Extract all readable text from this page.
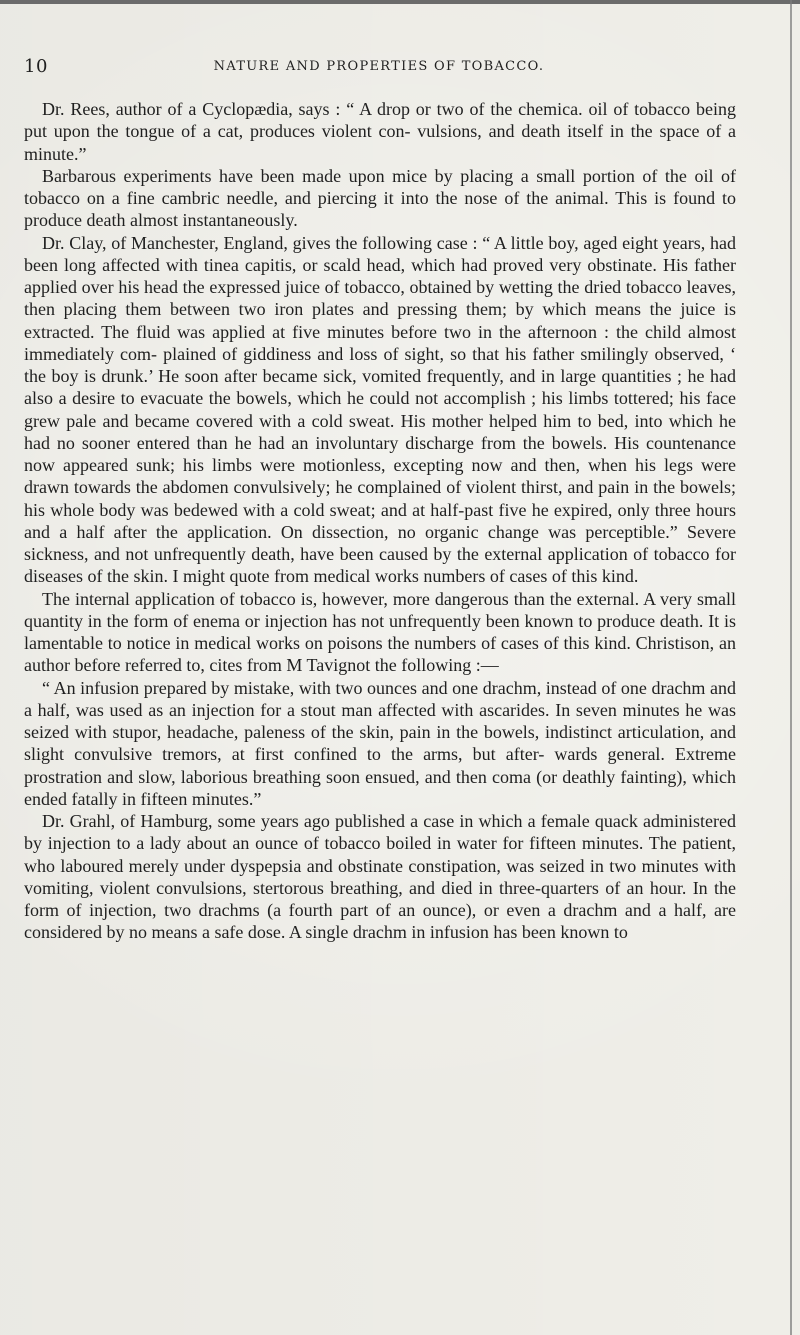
10	NATURE AND PROPERTIES OF TOBACCO.

Dr. Rees, author of a Cyclopædia, says : “ A drop or two of the chemica. oil of tobacco being put upon the tongue of a cat, produces violent con- vulsions, and death itself in the space of a minute.”

Barbarous experiments have been made upon mice by placing a small portion of the oil of tobacco on a fine cambric needle, and piercing it into the nose of the animal. This is found to produce death almost instantaneously.

Dr. Clay, of Manchester, England, gives the following case : “ A little boy, aged eight years, had been long affected with tinea capitis, or scald head, which had proved very obstinate. His father applied over his head the expressed juice of tobacco, obtained by wetting the dried tobacco leaves, then placing them between two iron plates and pressing them; by which means the juice is extracted. The fluid was applied at five minutes before two in the afternoon : the child almost immediately com- plained of giddiness and loss of sight, so that his father smilingly observed, ‘ the boy is drunk.’ He soon after became sick, vomited frequently, and in large quantities ; he had also a desire to evacuate the bowels, which he could not accomplish ; his limbs tottered; his face grew pale and became covered with a cold sweat. His mother helped him to bed, into which he had no sooner entered than he had an involuntary discharge from the bowels. His countenance now appeared sunk; his limbs were motionless, excepting now and then, when his legs were drawn towards the abdomen convulsively; he complained of violent thirst, and pain in the bowels; his whole body was bedewed with a cold sweat; and at half-past five he expired, only three hours and a half after the application. On dissection, no organic change was perceptible.” Severe sickness, and not unfrequently death, have been caused by the external application of tobacco for diseases of the skin. I might quote from medical works numbers of cases of this kind.

The internal application of tobacco is, however, more dangerous than the external. A very small quantity in the form of enema or injection has not unfrequently been known to produce death. It is lamentable to notice in medical works on poisons the numbers of cases of this kind. Christison, an author before referred to, cites from M Tavignot the following :—

“ An infusion prepared by mistake, with two ounces and one drachm, instead of one drachm and a half, was used as an injection for a stout man affected with ascarides. In seven minutes he was seized with stupor, headache, paleness of the skin, pain in the bowels, indistinct articulation, and slight convulsive tremors, at first confined to the arms, but after- wards general. Extreme prostration and slow, laborious breathing soon ensued, and then coma (or deathly fainting), which ended fatally in fifteen minutes.”

Dr. Grahl, of Hamburg, some years ago published a case in which a female quack administered by injection to a lady about an ounce of tobacco boiled in water for fifteen minutes. The patient, who laboured merely under dyspepsia and obstinate constipation, was seized in two minutes with vomiting, violent convulsions, stertorous breathing, and died in three-quarters of an hour. In the form of injection, two drachms (a fourth part of an ounce), or even a drachm and a half, are considered by no means a safe dose. A single drachm in infusion has been known to
